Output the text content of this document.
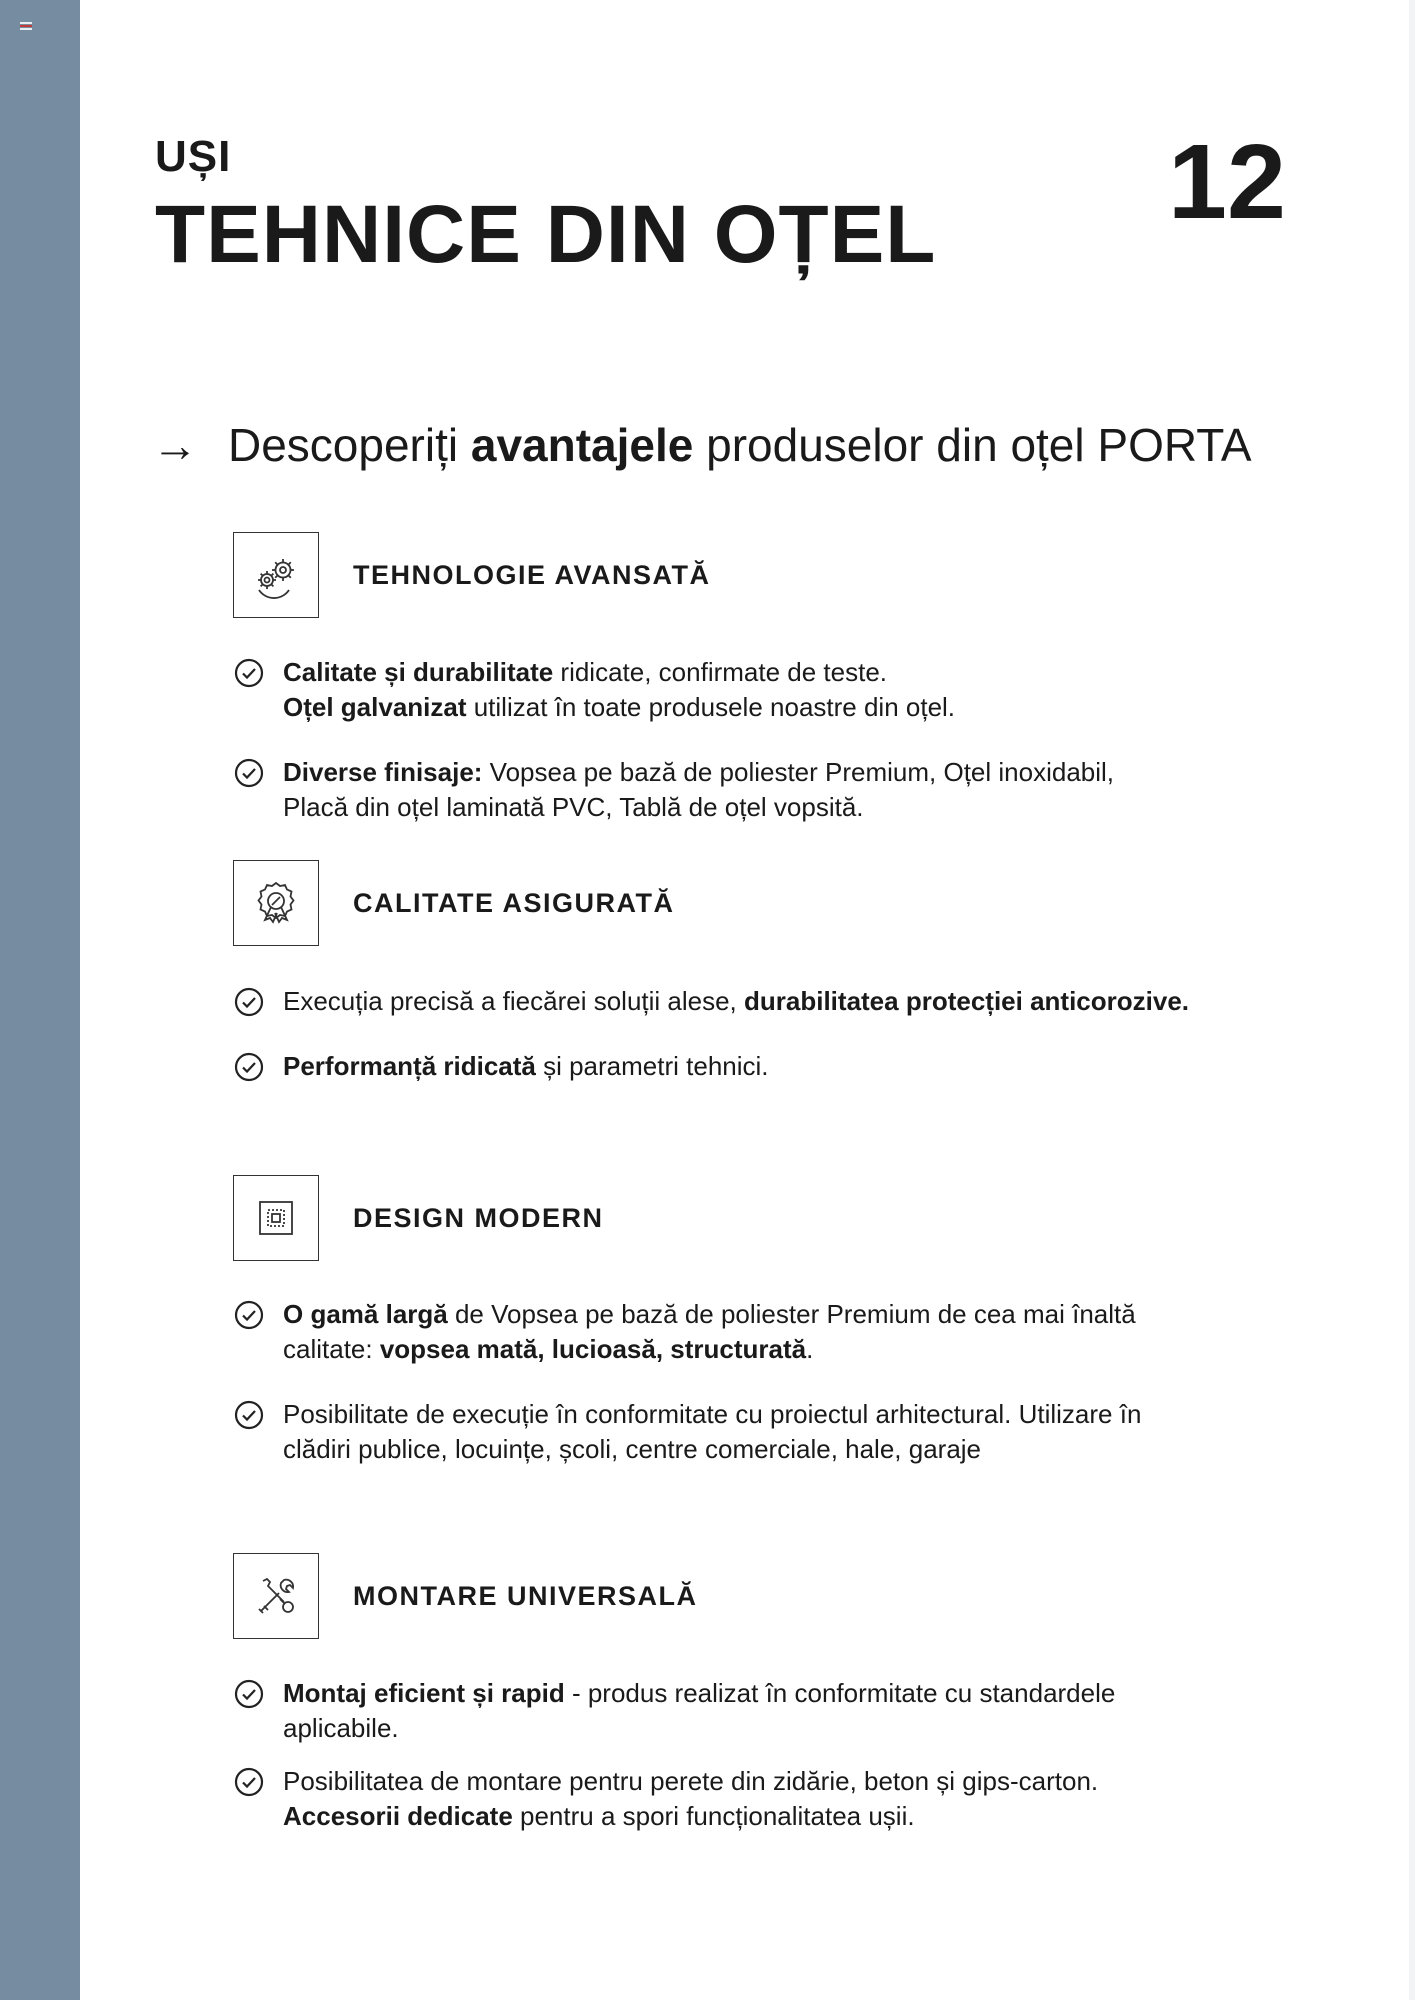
UȘI
TEHNICE DIN OȚEL 12
→ Descoperiți avantajele produselor din oțel PORTA
TEHNOLOGIE AVANSATĂ
Calitate și durabilitate ridicate, confirmate de teste.
Oțel galvanizat utilizat în toate produsele noastre din oțel.
Diverse finisaje: Vopsea pe bază de poliester Premium, Oțel inoxidabil,
Placă din oțel laminată PVC, Tablă de oțel vopsită.
CALITATE ASIGURATĂ
Execuția precisă a fiecărei soluții alese, durabilitatea protecției anticorozive.
Performanță ridicată și parametri tehnici.
DESIGN MODERN
O gamă largă de Vopsea pe bază de poliester Premium de cea mai înaltă
calitate: vopsea mată, lucioasă, structurată.
Posibilitate de execuție în conformitate cu proiectul arhitectural. Utilizare în
clădiri publice, locuințe, școli, centre comerciale, hale, garaje
MONTARE UNIVERSALĂ
Montaj eficient și rapid - produs realizat în conformitate cu standardele
aplicabile.
Posibilitatea de montare pentru perete din zidărie, beton și gips-carton.
Accesorii dedicate pentru a spori funcționalitatea ușii.
